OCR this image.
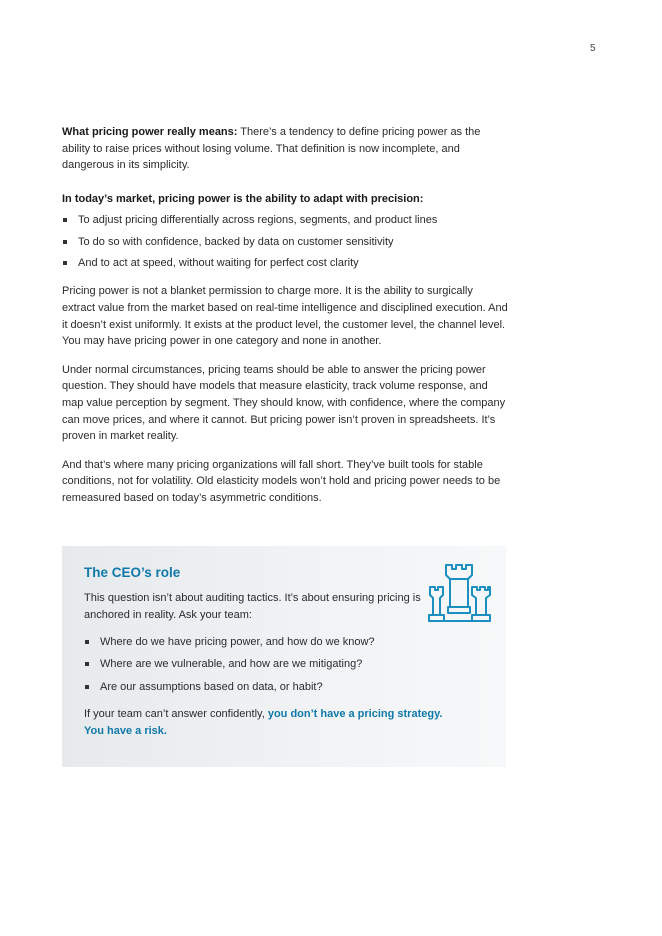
5

What pricing power really means: There’s a tendency to define pricing power as the ability to raise prices without losing volume. That definition is now incomplete, and dangerous in its simplicity.

In today’s market, pricing power is the ability to adapt with precision:

To adjust pricing differentially across regions, segments, and product lines
To do so with confidence, backed by data on customer sensitivity
And to act at speed, without waiting for perfect cost clarity

Pricing power is not a blanket permission to charge more. It is the ability to surgically extract value from the market based on real-time intelligence and disciplined execution. And it doesn’t exist uniformly. It exists at the product level, the customer level, the channel level. You may have pricing power in one category and none in another.

Under normal circumstances, pricing teams should be able to answer the pricing power question. They should have models that measure elasticity, track volume response, and map value perception by segment. They should know, with confidence, where the company can move prices, and where it cannot. But pricing power isn’t proven in spreadsheets. It’s proven in market reality.

And that’s where many pricing organizations will fall short. They’ve built tools for stable conditions, not for volatility. Old elasticity models won’t hold and pricing power needs to be remeasured based on today’s asymmetric conditions.

The CEO’s role

This question isn’t about auditing tactics. It’s about ensuring pricing is anchored in reality. Ask your team:

Where do we have pricing power, and how do we know?
Where are we vulnerable, and how are we mitigating?
Are our assumptions based on data, or habit?

If your team can’t answer confidently, you don’t have a pricing strategy.
You have a risk.
